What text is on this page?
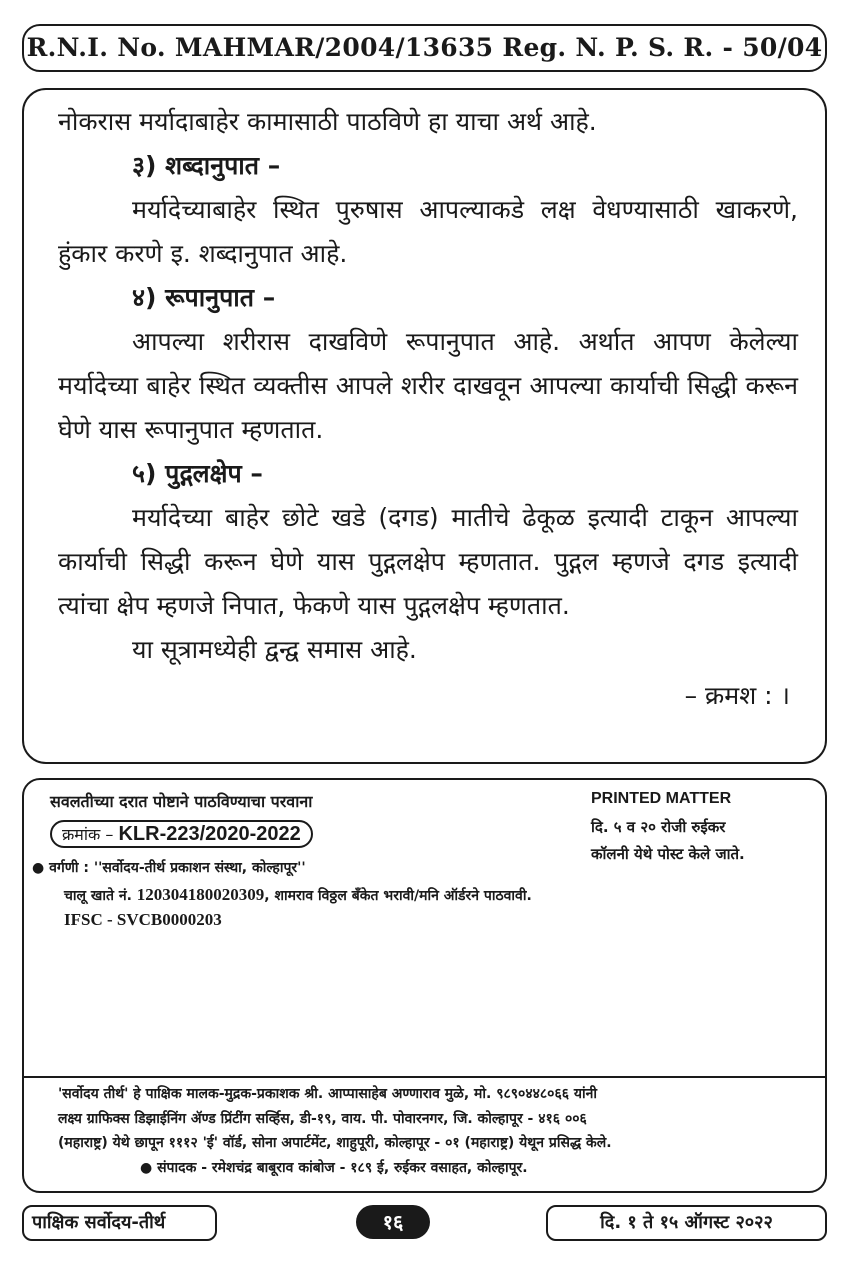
R.N.I. No. MAHMAR/2004/13635 Reg. N. P. S. R. - 50/04

नोकरास मर्यादाबाहेर कामासाठी पाठविणे हा याचा अर्थ आहे.

३) शब्दानुपात –

मर्यादेच्याबाहेर स्थित पुरुषास आपल्याकडे लक्ष वेधण्यासाठी खाकरणे, हुंकार करणे इ. शब्दानुपात आहे.

४) रूपानुपात –

आपल्या शरीरास दाखविणे रूपानुपात आहे. अर्थात आपण केलेल्या मर्यादेच्या बाहेर स्थित व्यक्तीस आपले शरीर दाखवून आपल्या कार्याची सिद्धी करून घेणे यास रूपानुपात म्हणतात.

५) पुद्गलक्षेप –

मर्यादेच्या बाहेर छोटे खडे (दगड) मातीचे ढेकूळ इत्यादी टाकून आपल्या कार्याची सिद्धी करून घेणे यास पुद्गलक्षेप म्हणतात. पुद्गल म्हणजे दगड इत्यादी त्यांचा क्षेप म्हणजे निपात, फेकणे यास पुद्गलक्षेप म्हणतात.

या सूत्रामध्येही द्वन्द्व समास आहे.

– क्रमश : ।

सवलतीच्या दरात पोष्टाने पाठविण्याचा परवाना
क्रमांक – KLR-223/2020-2022
PRINTED MATTER
दि. ५ व २० रोजी रुईकर
कॉलनी येथे पोस्ट केले जाते.
● वर्गणी : ''सर्वोदय-तीर्थ प्रकाशन संस्था, कोल्हापूर''
चालू खाते नं. 120304180020309, शामराव विठ्ठल बँकेत भरावी/मनि ऑर्डरने पाठवावी.
IFSC - SVCB0000203

'सर्वोदय तीर्थ' हे पाक्षिक मालक-मुद्रक-प्रकाशक श्री. आप्पासाहेब अण्णाराव मुळे, मो. ९८९०४४८०६६ यांनी

लक्ष्य ग्राफिक्स डिझाईनिंग ॲण्ड प्रिंटींग सर्व्हिस, डी-१९, वाय. पी. पोवारनगर, जि. कोल्हापूर - ४१६ ००६

(महाराष्ट्र) येथे छापून १११२ 'ई' वॉर्ड, सोना अपार्टमेंट, शाहुपूरी, कोल्हापूर - ०१ (महाराष्ट्र) येथून प्रसिद्ध केले.

● संपादक - रमेशचंद्र बाबूराव कांबोज - १८९ ई, रुईकर वसाहत, कोल्हापूर.

पाक्षिक सर्वोदय-तीर्थ	१६	दि. १ ते १५ ऑगस्ट २०२२
